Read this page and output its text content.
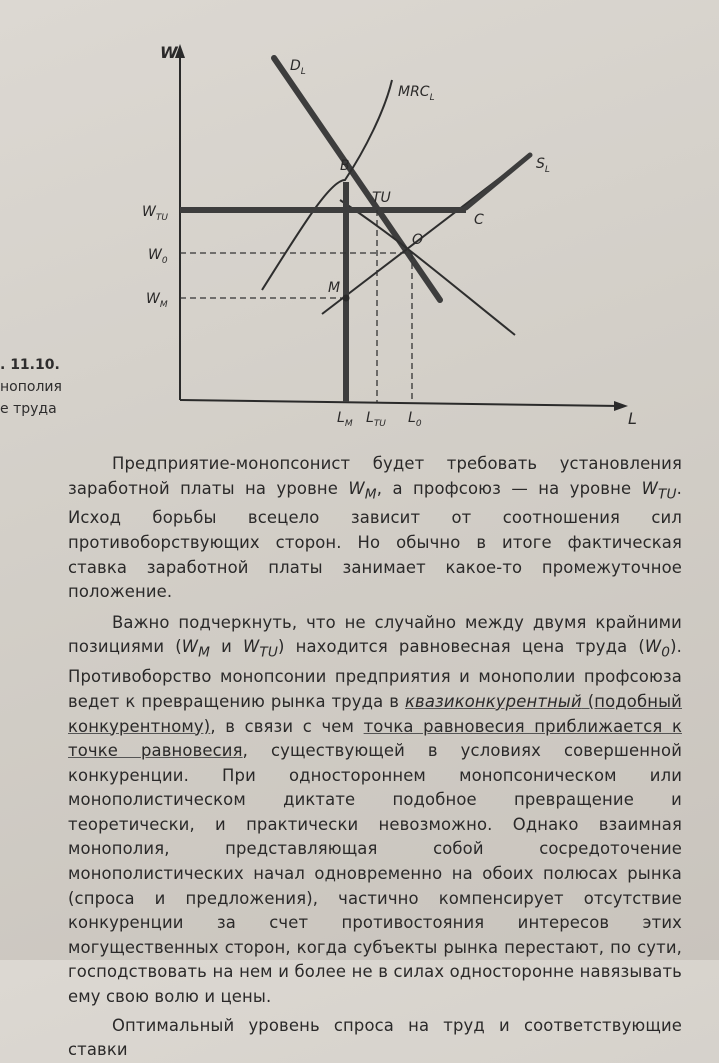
W
L
$D_L$
$MRC_L$
$S_L$
B
TU
C
O
M
$W_{TU}$
$W_0$
$W_M$
$L_M$ $L_{TU}$ $L_0$
. 11.10.
нополия
е труда

Предприятие-монопсонист будет требовать установления заработной платы на уровне $W_M$, а профсоюз — на уровне $W_{TU}$. Исход борьбы всецело зависит от соотношения сил противоборствующих сторон. Но обычно в итоге фактическая ставка заработной платы занимает какое-то промежуточное положение.

Важно подчеркнуть, что не случайно между двумя крайними позициями ($W_M$ и $W_{TU}$) находится равновесная цена труда $(W_0)$. Противоборство монопсонии предприятия и монополии профсоюза ведет к превращению рынка труда в квазиконкурентный (подобный конкурентному), в связи с чем точка равновесия приближается к точке равновесия, существующей в условиях совершенной конкуренции. При одностороннем монопсоническом или монополистическом диктате подобное превращение и теоретически, и практически невозможно. Однако взаимная монополия, представляющая собой сосредоточение монополистических начал одновременно на обоих полюсах рынка (спроса и предложения), частично компенсирует отсутствие конкуренции за счет противостояния интересов этих могущественных сторон, когда субъекты рынка перестают, по сути, господствовать на нем и более не в силах односторонне навязывать ему свою волю и цены.

Оптимальный уровень спроса на труд и соответствующие ставки
